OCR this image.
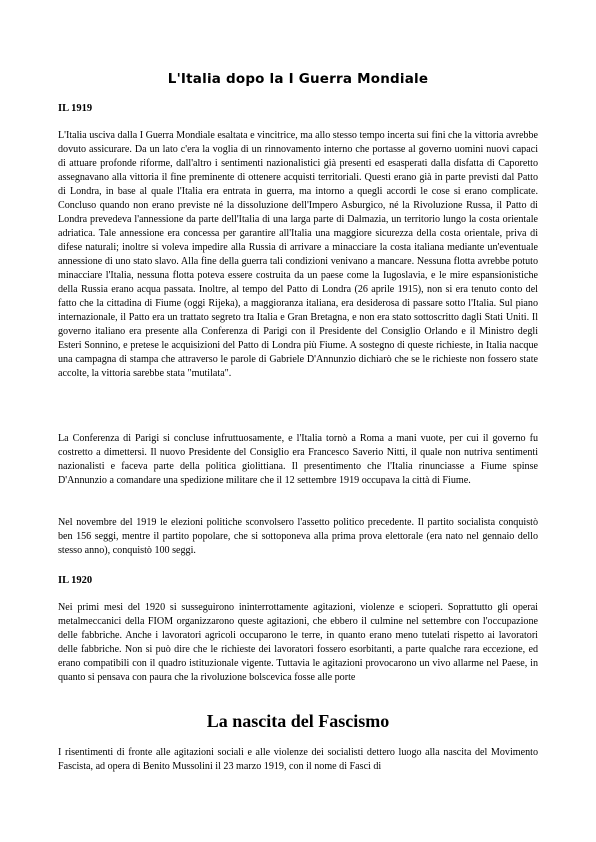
L'Italia dopo la I Guerra Mondiale
IL 1919
L'Italia usciva dalla I Guerra Mondiale esaltata e vincitrice, ma allo stesso tempo incerta sui fini che la vittoria avrebbe dovuto assicurare. Da un lato c'era la voglia di un rinnovamento interno che portasse al governo uomini nuovi capaci di attuare profonde riforme, dall'altro i sentimenti nazionalistici già presenti ed esasperati dalla disfatta di Caporetto assegnavano alla vittoria il fine preminente di ottenere acquisti territoriali. Questi erano già in parte previsti dal Patto di Londra, in base al quale l'Italia era entrata in guerra, ma intorno a quegli accordi le cose si erano complicate. Concluso quando non erano previste né la dissoluzione dell'Impero Asburgico, né la Rivoluzione Russa, il Patto di Londra prevedeva l'annessione da parte dell'Italia di una larga parte di Dalmazia, un territorio lungo la costa orientale adriatica. Tale annessione era concessa per garantire all'Italia una maggiore sicurezza della costa orientale, priva di difese naturali; inoltre si voleva impedire alla Russia di arrivare a minacciare la costa italiana mediante un'eventuale annessione di uno stato slavo. Alla fine della guerra tali condizioni venivano a mancare. Nessuna flotta avrebbe potuto minacciare l'Italia, nessuna flotta poteva essere costruita da un paese come la Iugoslavia, e le mire espansionistiche della Russia erano acqua passata. Inoltre, al tempo del Patto di Londra (26 aprile 1915), non si era tenuto conto del fatto che la cittadina di Fiume (oggi Rijeka), a maggioranza italiana, era desiderosa di passare sotto l'Italia. Sul piano internazionale, il Patto era un trattato segreto tra Italia e Gran Bretagna, e non era stato sottoscritto dagli Stati Uniti. Il governo italiano era presente alla Conferenza di Parigi con il Presidente del Consiglio Orlando e il Ministro degli Esteri Sonnino, e pretese le acquisizioni del Patto di Londra più Fiume. A sostegno di queste richieste, in Italia nacque una campagna di stampa che attraverso le parole di Gabriele D'Annunzio dichiarò che se le richieste non fossero state accolte, la vittoria sarebbe stata "mutilata".
La Conferenza di Parigi si concluse infruttuosamente, e l'Italia tornò a Roma a mani vuote, per cui il governo fu costretto a dimettersi. Il nuovo Presidente del Consiglio era Francesco Saverio Nitti, il quale non nutriva sentimenti nazionalisti e faceva parte della politica giolittiana. Il presentimento che l'Italia rinunciasse a Fiume spinse D'Annunzio a comandare una spedizione militare che il 12 settembre 1919 occupava la città di Fiume.
Nel novembre del 1919 le elezioni politiche sconvolsero l'assetto politico precedente. Il partito socialista conquistò ben 156 seggi, mentre il partito popolare, che si sottoponeva alla prima prova elettorale (era nato nel gennaio dello stesso anno), conquistò 100 seggi.
IL 1920
Nei primi mesi del 1920 si susseguirono ininterrottamente agitazioni, violenze e scioperi. Soprattutto gli operai metalmeccanici della FIOM organizzarono queste agitazioni, che ebbero il culmine nel settembre con l'occupazione delle fabbriche. Anche i lavoratori agricoli occuparono le terre, in quanto erano meno tutelati rispetto ai lavoratori delle fabbriche. Non si può dire che le richieste dei lavoratori fossero esorbitanti, a parte qualche rara eccezione, ed erano compatibili con il quadro istituzionale vigente. Tuttavia le agitazioni provocarono un vivo allarme nel Paese, in quanto si pensava con paura che la rivoluzione bolscevica fosse alle porte
La nascita del Fascismo
I risentimenti di fronte alle agitazioni sociali e alle violenze dei socialisti dettero luogo alla nascita del Movimento Fascista, ad opera di Benito Mussolini il 23 marzo 1919, con il nome di Fasci di
